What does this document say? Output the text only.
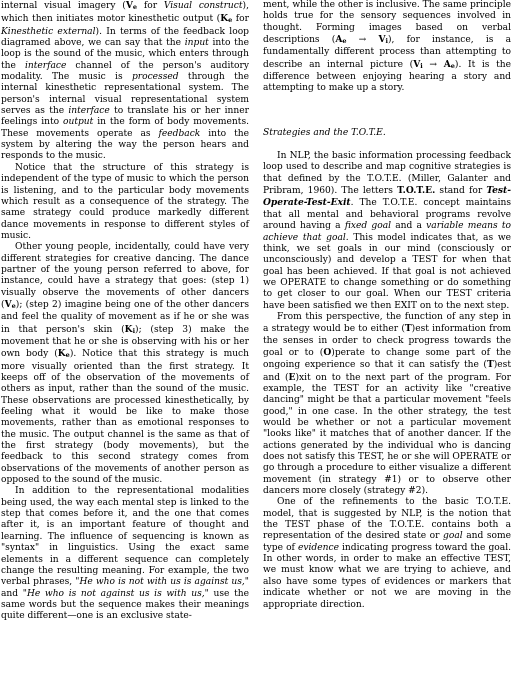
internal visual imagery (Ve for Visual construct), which then initiates motor kinesthetic output (Ke for Kinesthetic external). In terms of the feedback loop diagramed above, we can say that the input into the loop is the sound of the music, which enters through the interface channel of the person's auditory modality. The music is processed through the internal kinesthetic representational system. The person's internal visual representational system serves as the interface to translate his or her inner feelings into output in the form of body movements. These movements operate as feedback into the system by altering the way the person hears and responds to the music.

Notice that the structure of this strategy is independent of the type of music to which the person is listening, and to the particular body movements which result as a consequence of the strategy. The same strategy could produce markedly different dance movements in response to different styles of music.

Other young people, incidentally, could have very different strategies for creative dancing. The dance partner of the young person referred to above, for instance, could have a strategy that goes: (step 1) visually observe the movements of other dancers (Ve); (step 2) imagine being one of the other dancers and feel the quality of movement as if he or she was in that person's skin (Ki); (step 3) make the movement that he or she is observing with his or her own body (Ke). Notice that this strategy is much more visually oriented than the first strategy. It keeps off of the observation of the movements of others as input, rather than the sound of the music. These observations are processed kinesthetically, by feeling what it would be like to make those movements, rather than as emotional responses to the music. The output channel is the same as that of the first strategy (body movements), but the feedback to this second strategy comes from observations of the movements of another person as opposed to the sound of the music.

In addition to the representational modalities being used, the way each mental step is linked to the step that comes before it, and the one that comes after it, is an important feature of thought and learning. The influence of sequencing is known as "syntax" in linguistics. Using the exact same elements in a different sequence can completely change the resulting meaning. For example, the two verbal phrases, "He who is not with us is against us," and "He who is not against us is with us," use the same words but the sequence makes their meanings quite different—one is an exclusive state-

ment, while the other is inclusive. The same principle holds true for the sensory sequences involved in thought. Forming images based on verbal descriptions (Ae → Vi), for instance, is a fundamentally different process than attempting to describe an internal picture (Vi → Ae). It is the difference between enjoying hearing a story and attempting to make up a story.

Strategies and the T.O.T.E.

In NLP, the basic information processing feedback loop used to describe and map cognitive strategies is that defined by the T.O.T.E. (Miller, Galanter and Pribram, 1960). The letters T.O.T.E. stand for Test-Operate-Test-Exit. The T.O.T.E. concept maintains that all mental and behavioral programs revolve around having a fixed goal and a variable means to achieve that goal. This model indicates that, as we think, we set goals in our mind (consciously or unconsciously) and develop a TEST for when that goal has been achieved. If that goal is not achieved we OPERATE to change something or do something to get closer to our goal. When our TEST criteria have been satisfied we then EXIT on to the next step.

From this perspective, the function of any step in a strategy would be to either (T)est information from the senses in order to check progress towards the goal or to (O)perate to change some part of the ongoing experience so that it can satisfy the (T)est and (E)xit on to the next part of the program. For example, the TEST for an activity like "creative dancing" might be that a particular movement "feels good," in one case. In the other strategy, the test would be whether or not a particular movement "looks like" it matches that of another dancer. If the actions generated by the individual who is dancing does not satisfy this TEST, he or she will OPERATE or go through a procedure to either visualize a different movement (in strategy #1) or to observe other dancers more closely (strategy #2).

One of the refinements to the basic T.O.T.E. model, that is suggested by NLP, is the notion that the TEST phase of the T.O.T.E. contains both a representation of the desired state or goal and some type of evidence indicating progress toward the goal. In other words, in order to make an effective TEST, we must know what we are trying to achieve, and also have some types of evidences or markers that indicate whether or not we are moving in the appropriate direction.
